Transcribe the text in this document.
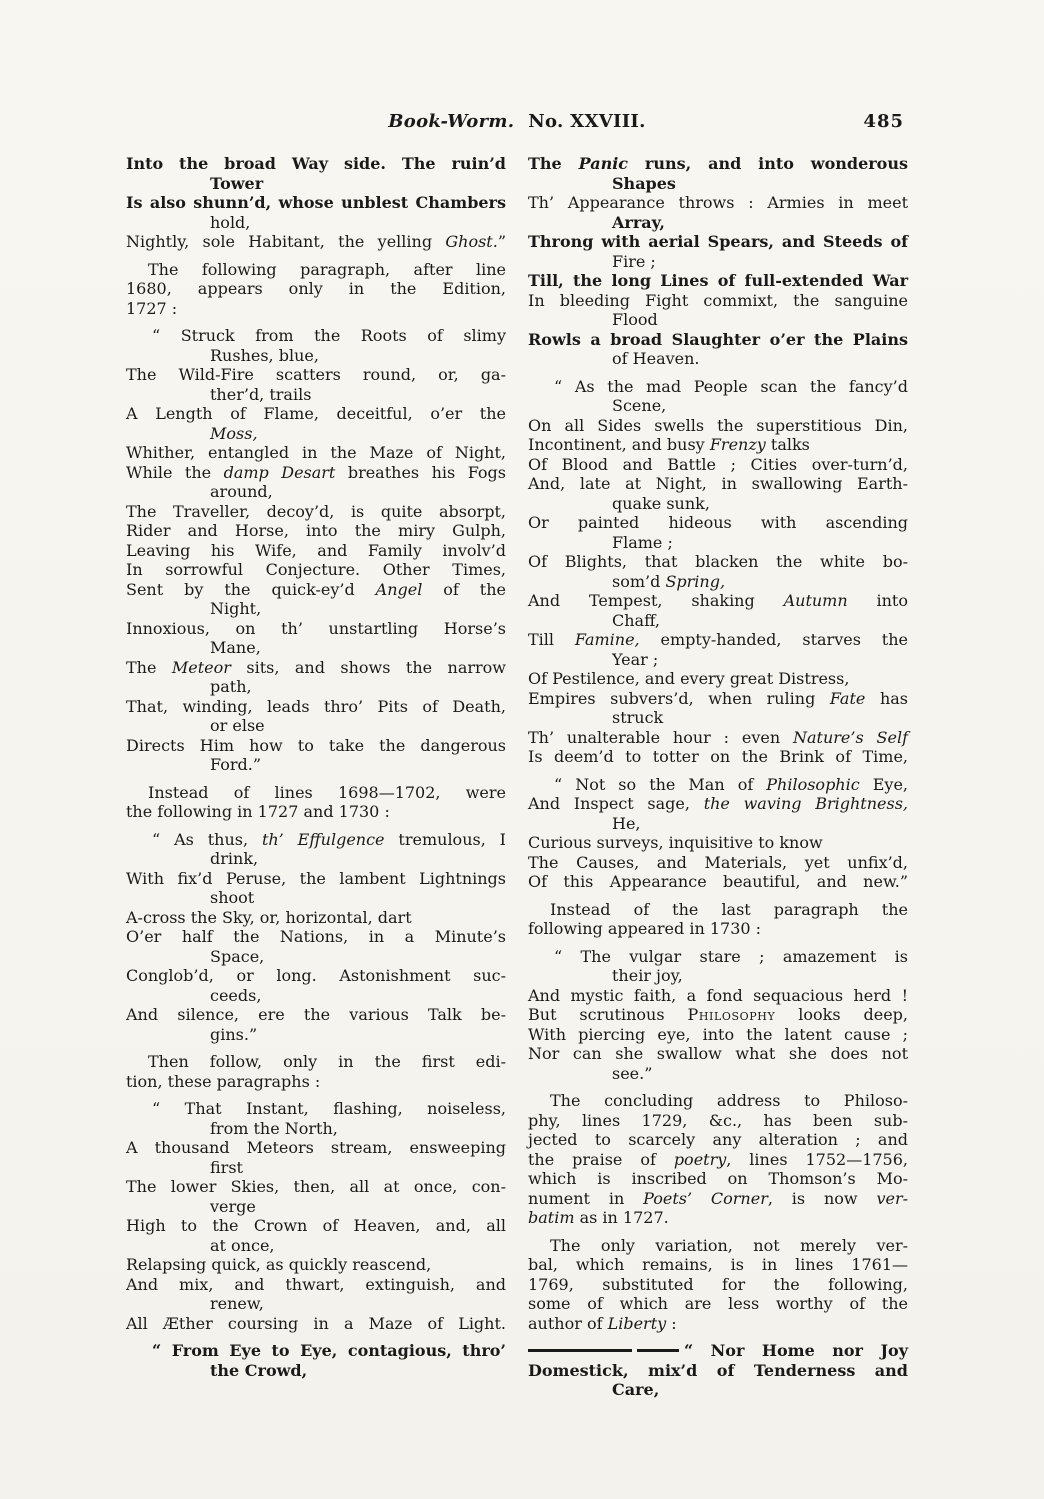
Book-Worm. No. XXVIII.	485
Into the broad Way side. The ruin’d
Tower
Is also shunn’d, whose unblest Chambers
hold,
Nightly, sole Habitant, the yelling Ghost.”
The following paragraph, after line
1680, appears only in the Edition,
1727 :
“ Struck from the Roots of slimy
Rushes, blue,
The Wild-Fire scatters round, or, ga-
ther’d, trails
A Length of Flame, deceitful, o’er the
Moss,
Whither, entangled in the Maze of Night,
While the damp Desart breathes his Fogs
around,
The Traveller, decoy’d, is quite absorpt,
Rider and Horse, into the miry Gulph,
Leaving his Wife, and Family involv’d
In sorrowful Conjecture. Other Times,
Sent by the quick-ey’d Angel of the
Night,
Innoxious, on th’ unstartling Horse’s
Mane,
The Meteor sits, and shows the narrow
path,
That, winding, leads thro’ Pits of Death,
or else
Directs Him how to take the dangerous
Ford.”
Instead of lines 1698—1702, were
the following in 1727 and 1730 :
“ As thus, th’ Effulgence tremulous, I
drink,
With fix’d Peruse, the lambent Lightnings
shoot
A-cross the Sky, or, horizontal, dart
O’er half the Nations, in a Minute’s
Space,
Conglob’d, or long. Astonishment suc-
ceeds,
And silence, ere the various Talk be-
gins.”
Then follow, only in the first edi-
tion, these paragraphs :
“ That Instant, flashing, noiseless,
from the North,
A thousand Meteors stream, ensweeping
first
The lower Skies, then, all at once, con-
verge
High to the Crown of Heaven, and, all
at once,
Relapsing quick, as quickly reascend,
And mix, and thwart, extinguish, and
renew,
All Æther coursing in a Maze of Light.
“ From Eye to Eye, contagious, thro’
the Crowd,
The Panic runs, and into wonderous
Shapes
Th’ Appearance throws : Armies in meet
Array,
Throng with aerial Spears, and Steeds of
Fire ;
Till, the long Lines of full-extended War
In bleeding Fight commixt, the sanguine
Flood
Rowls a broad Slaughter o’er the Plains
of Heaven.
“ As the mad People scan the fancy’d
Scene,
On all Sides swells the superstitious Din,
Incontinent, and busy Frenzy talks
Of Blood and Battle ; Cities over-turn’d,
And, late at Night, in swallowing Earth-
quake sunk,
Or painted hideous with ascending
Flame ;
Of Blights, that blacken the white bo-
som’d Spring,
And Tempest, shaking Autumn into
Chaff,
Till Famine, empty-handed, starves the
Year ;
Of Pestilence, and every great Distress,
Empires subvers’d, when ruling Fate has
struck
Th’ unalterable hour : even Nature’s Self
Is deem’d to totter on the Brink of Time,
“ Not so the Man of Philosophic Eye,
And Inspect sage, the waving Brightness,
He,
Curious surveys, inquisitive to know
The Causes, and Materials, yet unfix’d,
Of this Appearance beautiful, and new.”
Instead of the last paragraph the
following appeared in 1730 :
“ The vulgar stare ; amazement is
their joy,
And mystic faith, a fond sequacious herd !
But scrutinous Philosophy looks deep,
With piercing eye, into the latent cause ;
Nor can she swallow what she does not
see.”
The concluding address to Philoso-
phy, lines 1729, &c., has been sub-
jected to scarcely any alteration ; and
the praise of poetry, lines 1752—1756,
which is inscribed on Thomson’s Mo-
nument in Poets’ Corner, is now ver-
batim as in 1727.
The only variation, not merely ver-
bal, which remains, is in lines 1761—
1769, substituted for the following,
some of which are less worthy of the
author of Liberty :
“ Nor Home nor Joy
Domestick, mix’d of Tenderness and
Care,
